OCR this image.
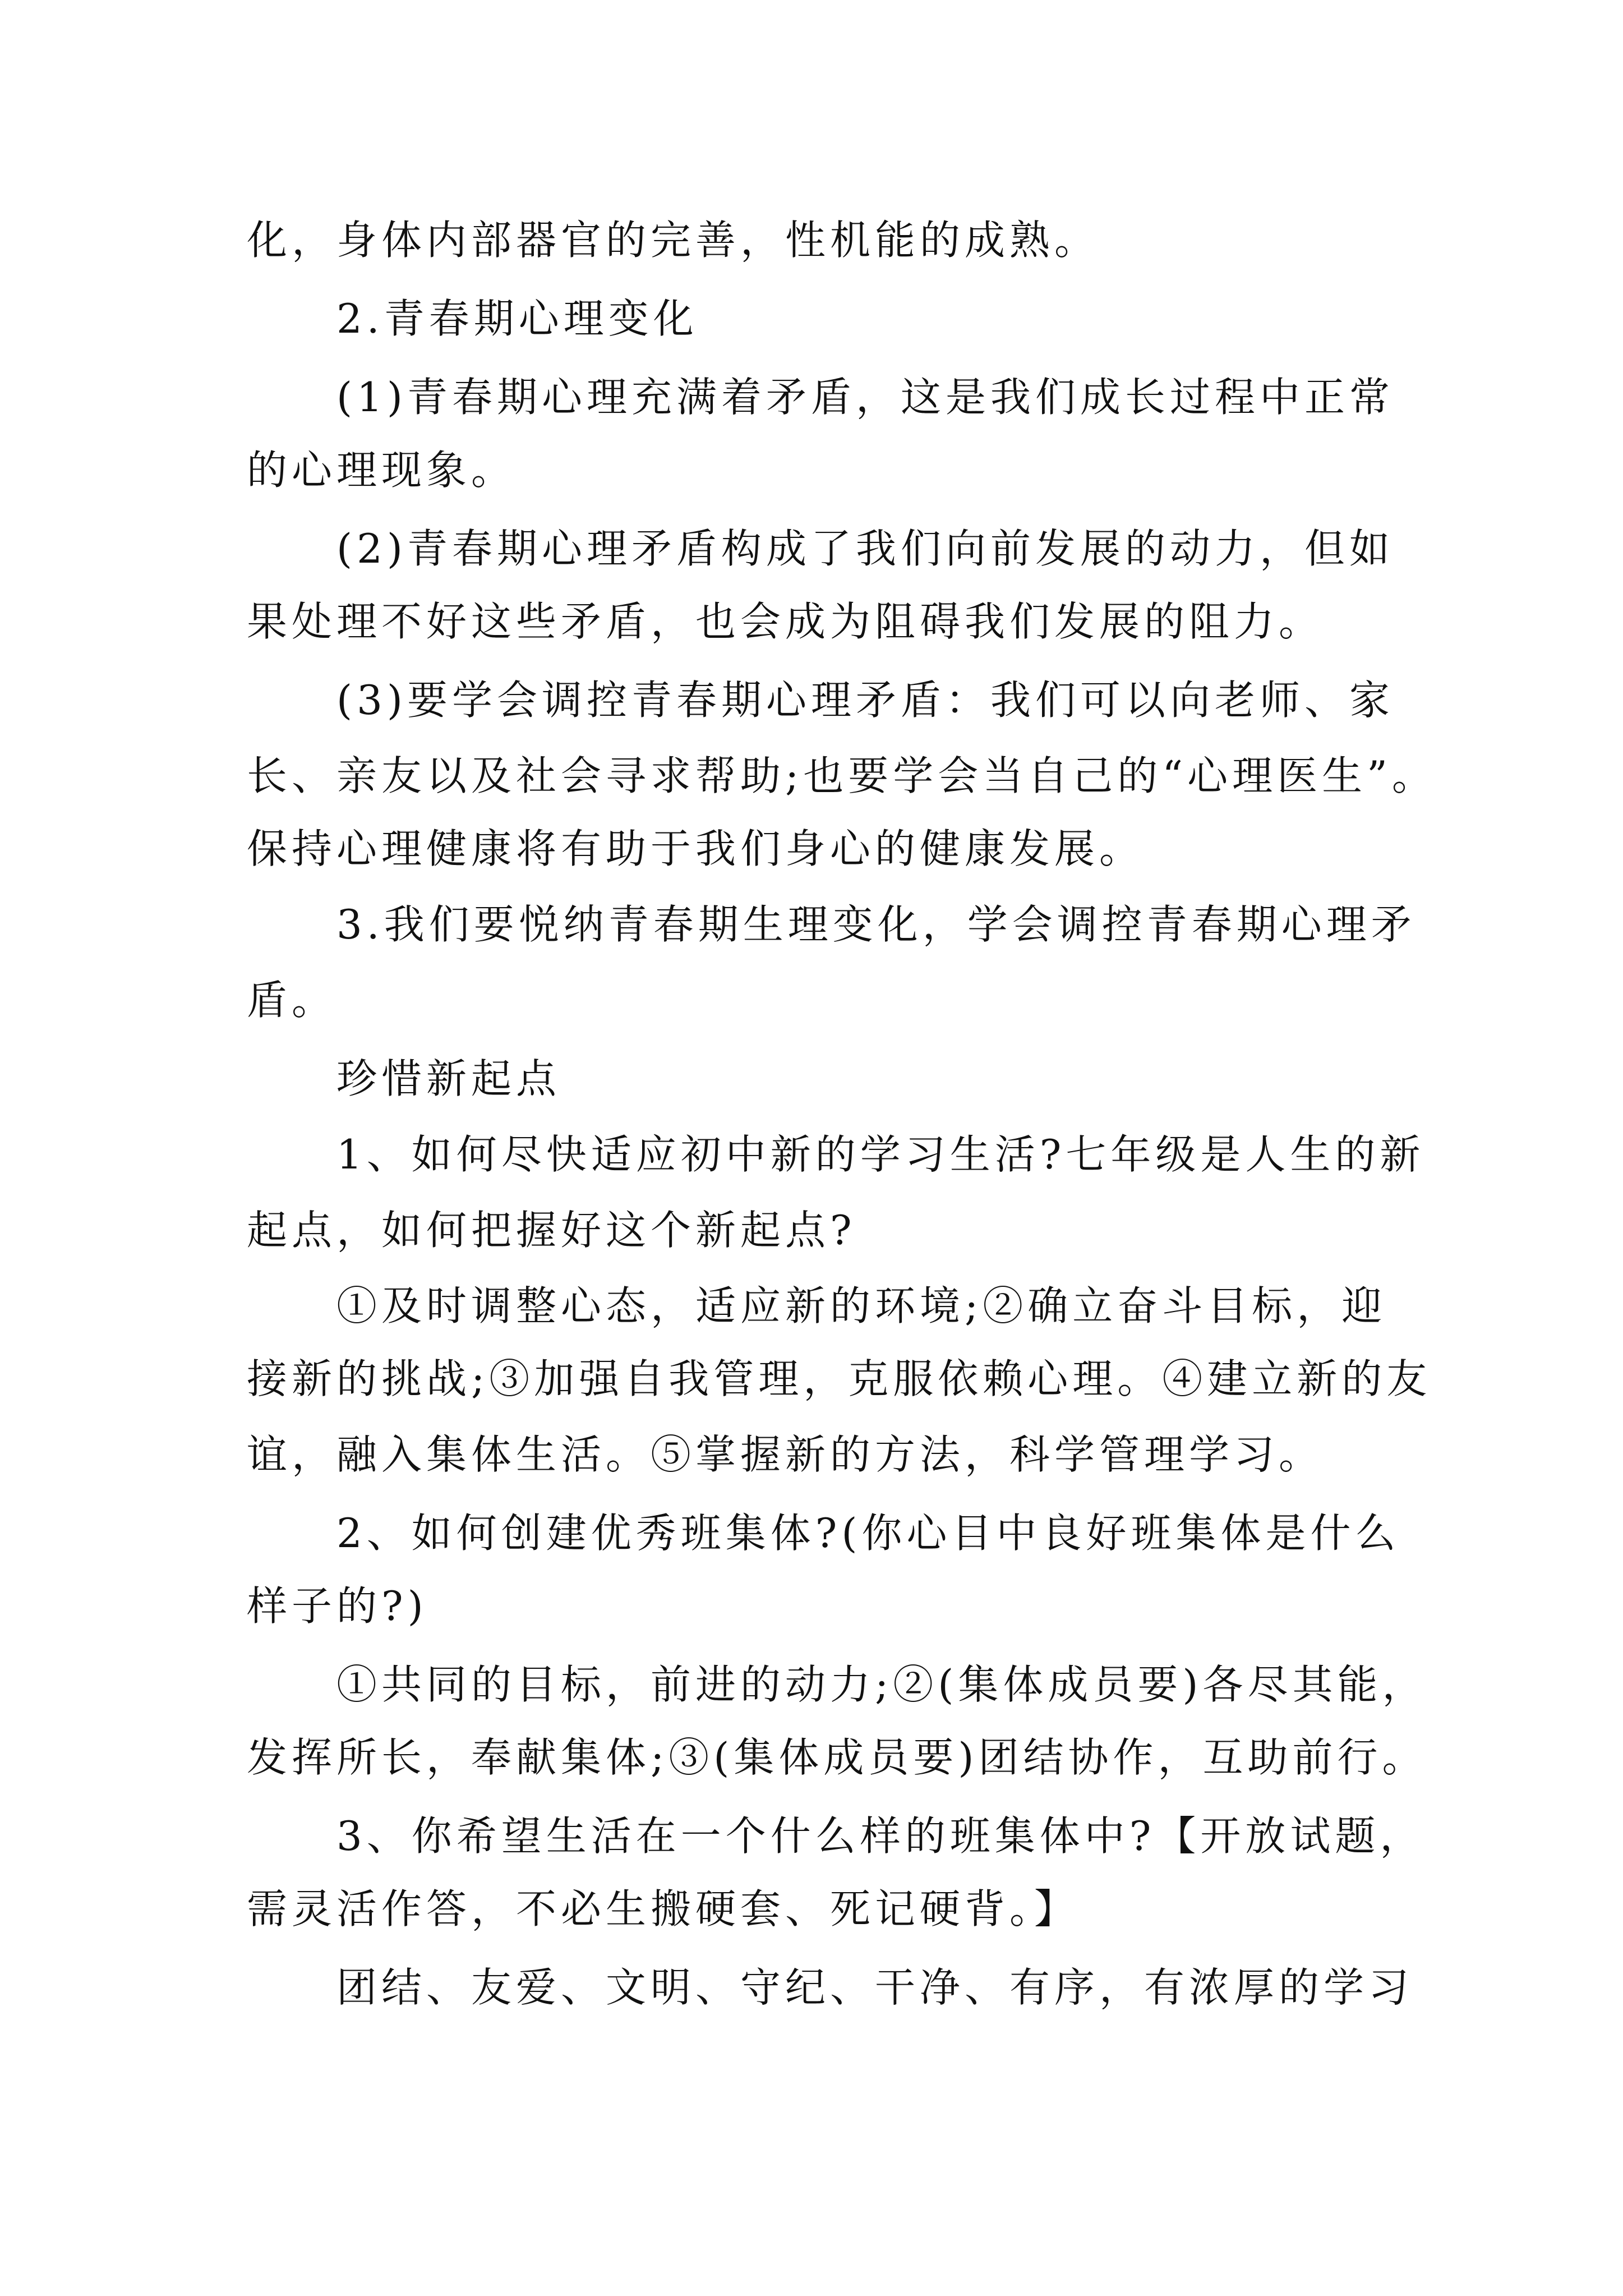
化，身体内部器官的完善，性机能的成熟。

2.青春期心理变化

(1)青春期心理充满着矛盾，这是我们成长过程中正常

的心理现象。

(2)青春期心理矛盾构成了我们向前发展的动力，但如

果处理不好这些矛盾，也会成为阻碍我们发展的阻力。

(3)要学会调控青春期心理矛盾：我们可以向老师、家

长、亲友以及社会寻求帮助;也要学会当自己的“心理医生”。

保持心理健康将有助于我们身心的健康发展。

3.我们要悦纳青春期生理变化，学会调控青春期心理矛

盾。

珍惜新起点

1、如何尽快适应初中新的学习生活?七年级是人生的新

起点，如何把握好这个新起点?

①及时调整心态，适应新的环境;②确立奋斗目标，迎

接新的挑战;③加强自我管理，克服依赖心理。④建立新的友

谊，融入集体生活。⑤掌握新的方法，科学管理学习。

2、如何创建优秀班集体?(你心目中良好班集体是什么

样子的?)

①共同的目标，前进的动力;②(集体成员要)各尽其能，

发挥所长，奉献集体;③(集体成员要)团结协作，互助前行。

3、你希望生活在一个什么样的班集体中?【开放试题，

需灵活作答，不必生搬硬套、死记硬背。】

团结、友爱、文明、守纪、干净、有序，有浓厚的学习
